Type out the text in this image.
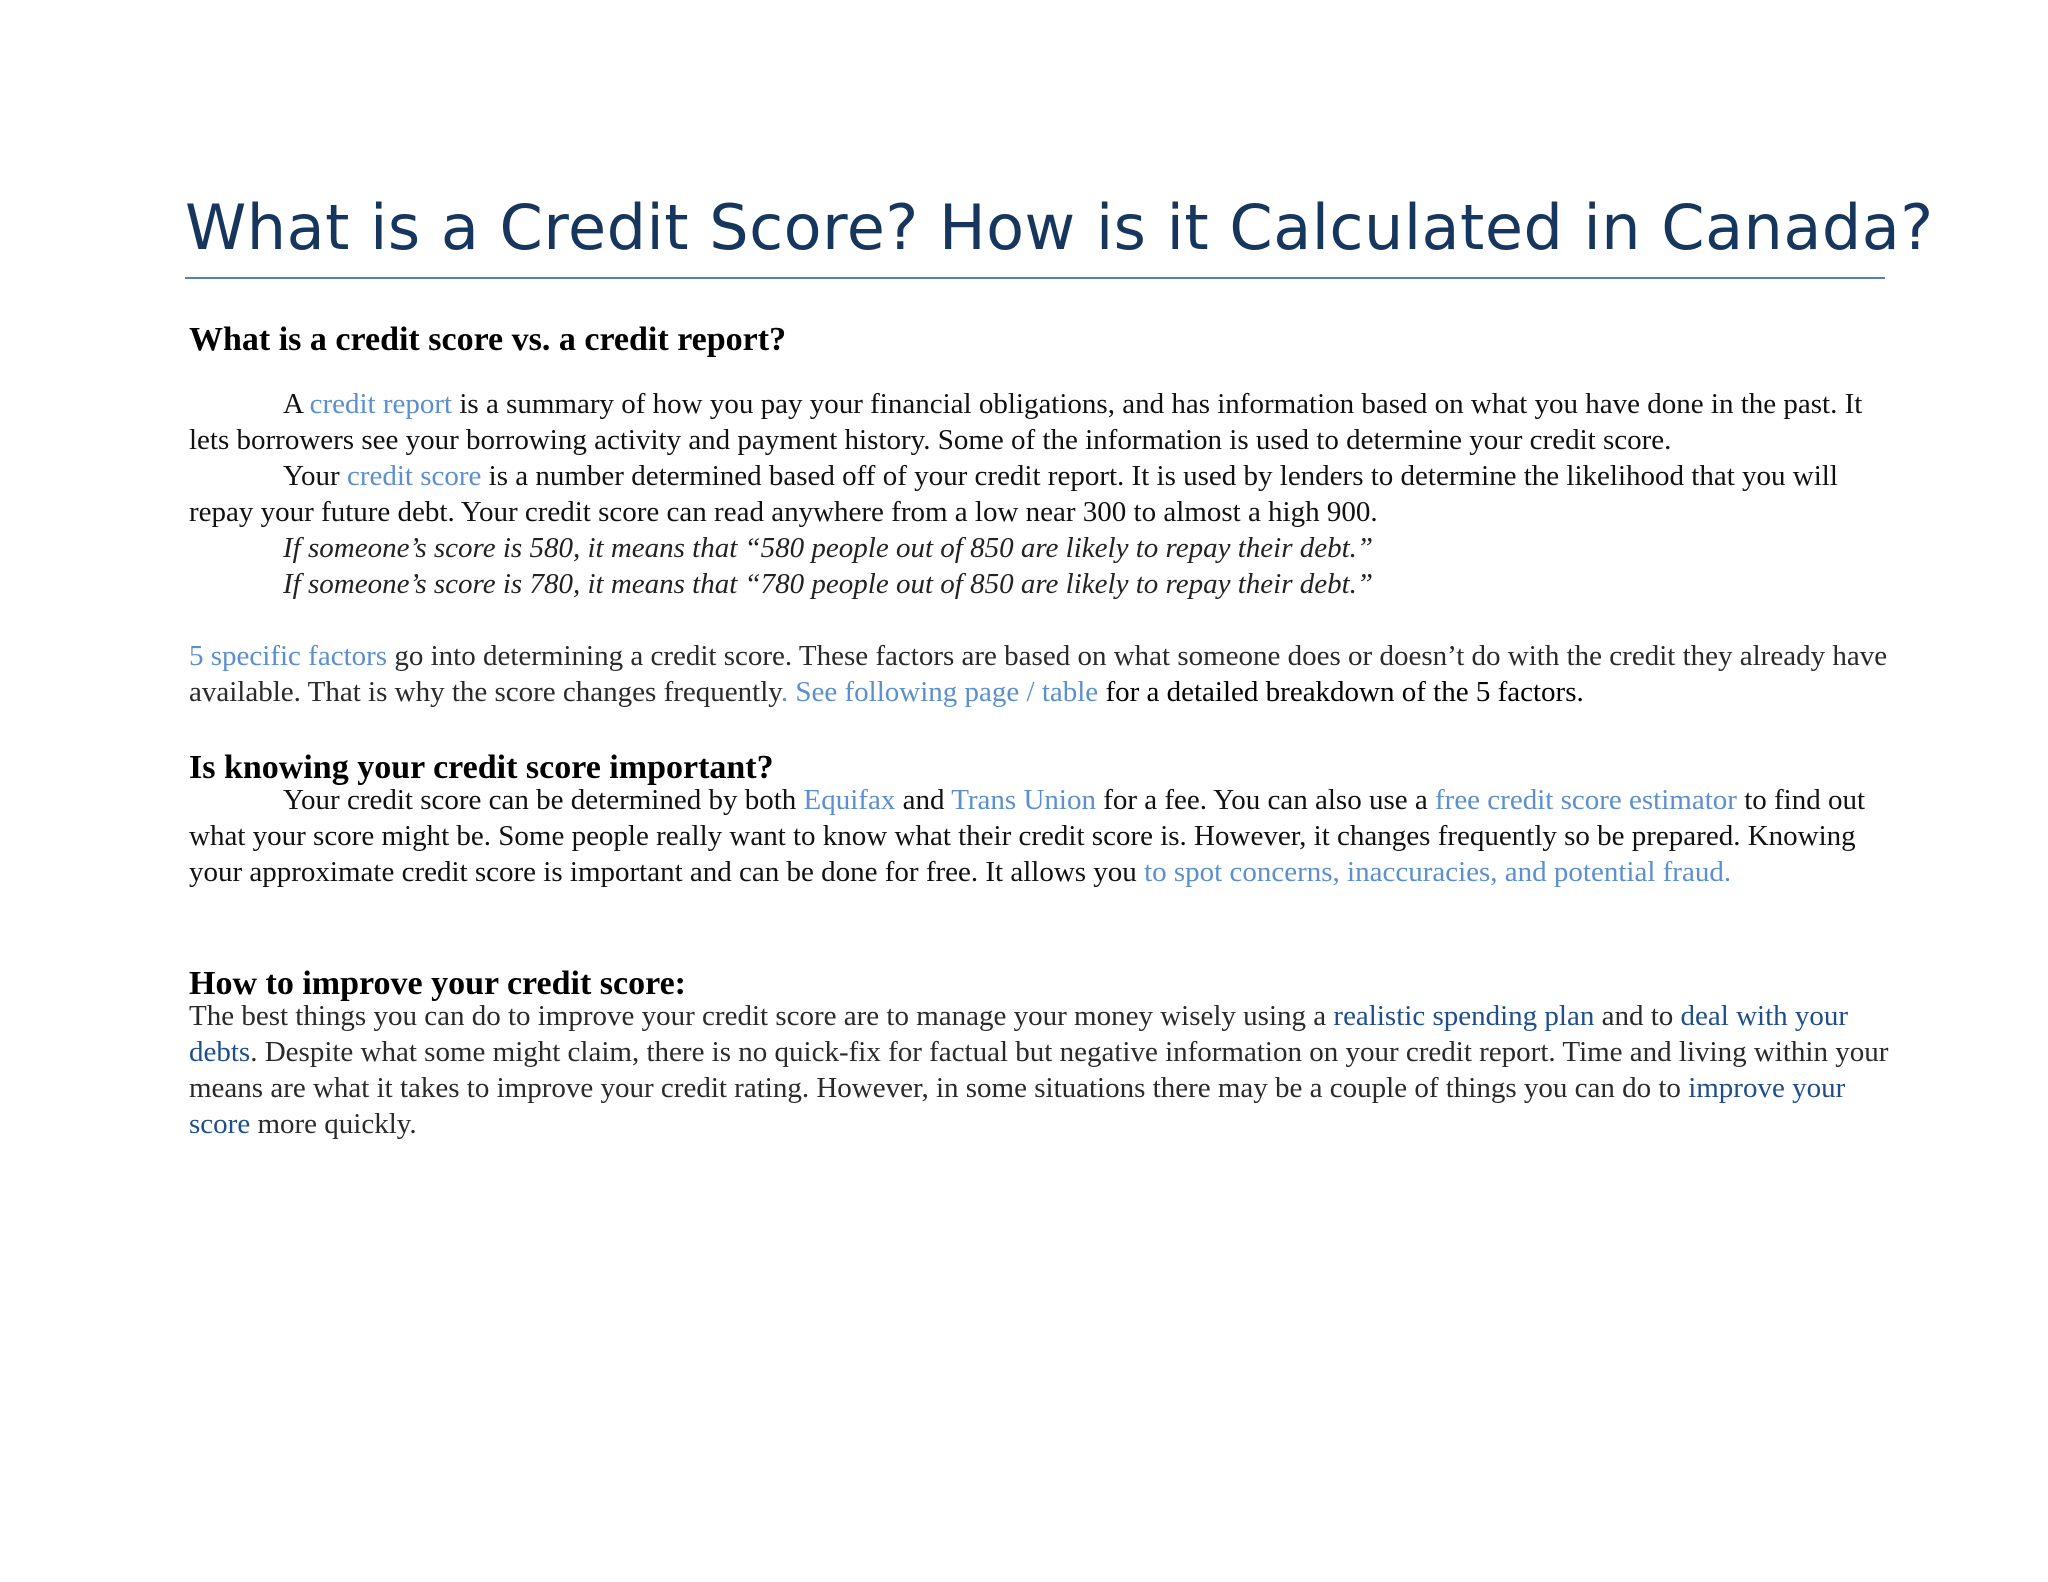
What is a Credit Score? How is it Calculated in Canada?
What is a credit score vs. a credit report?

A credit report is a summary of how you pay your financial obligations, and has information based on what you have done in the past. It lets borrowers see your borrowing activity and payment history. Some of the information is used to determine your credit score.

Your credit score is a number determined based off of your credit report. It is used by lenders to determine the likelihood that you will repay your future debt. Your credit score can read anywhere from a low near 300 to almost a high 900.

If someone’s score is 580, it means that “580 people out of 850 are likely to repay their debt.”

If someone’s score is 780, it means that “780 people out of 850 are likely to repay their debt.”

5 specific factors go into determining a credit score. These factors are based on what someone does or doesn’t do with the credit they already have available. That is why the score changes frequently. See following page / table for a detailed breakdown of the 5 factors.

Is knowing your credit score important?

Your credit score can be determined by both Equifax and Trans Union for a fee. You can also use a free credit score estimator to find out what your score might be. Some people really want to know what their credit score is. However, it changes frequently so be prepared. Knowing your approximate credit score is important and can be done for free. It allows you to spot concerns, inaccuracies, and potential fraud.

How to improve your credit score:

The best things you can do to improve your credit score are to manage your money wisely using a realistic spending plan and to deal with your debts. Despite what some might claim, there is no quick-fix for factual but negative information on your credit report. Time and living within your means are what it takes to improve your credit rating. However, in some situations there may be a couple of things you can do to improve your score more quickly.
